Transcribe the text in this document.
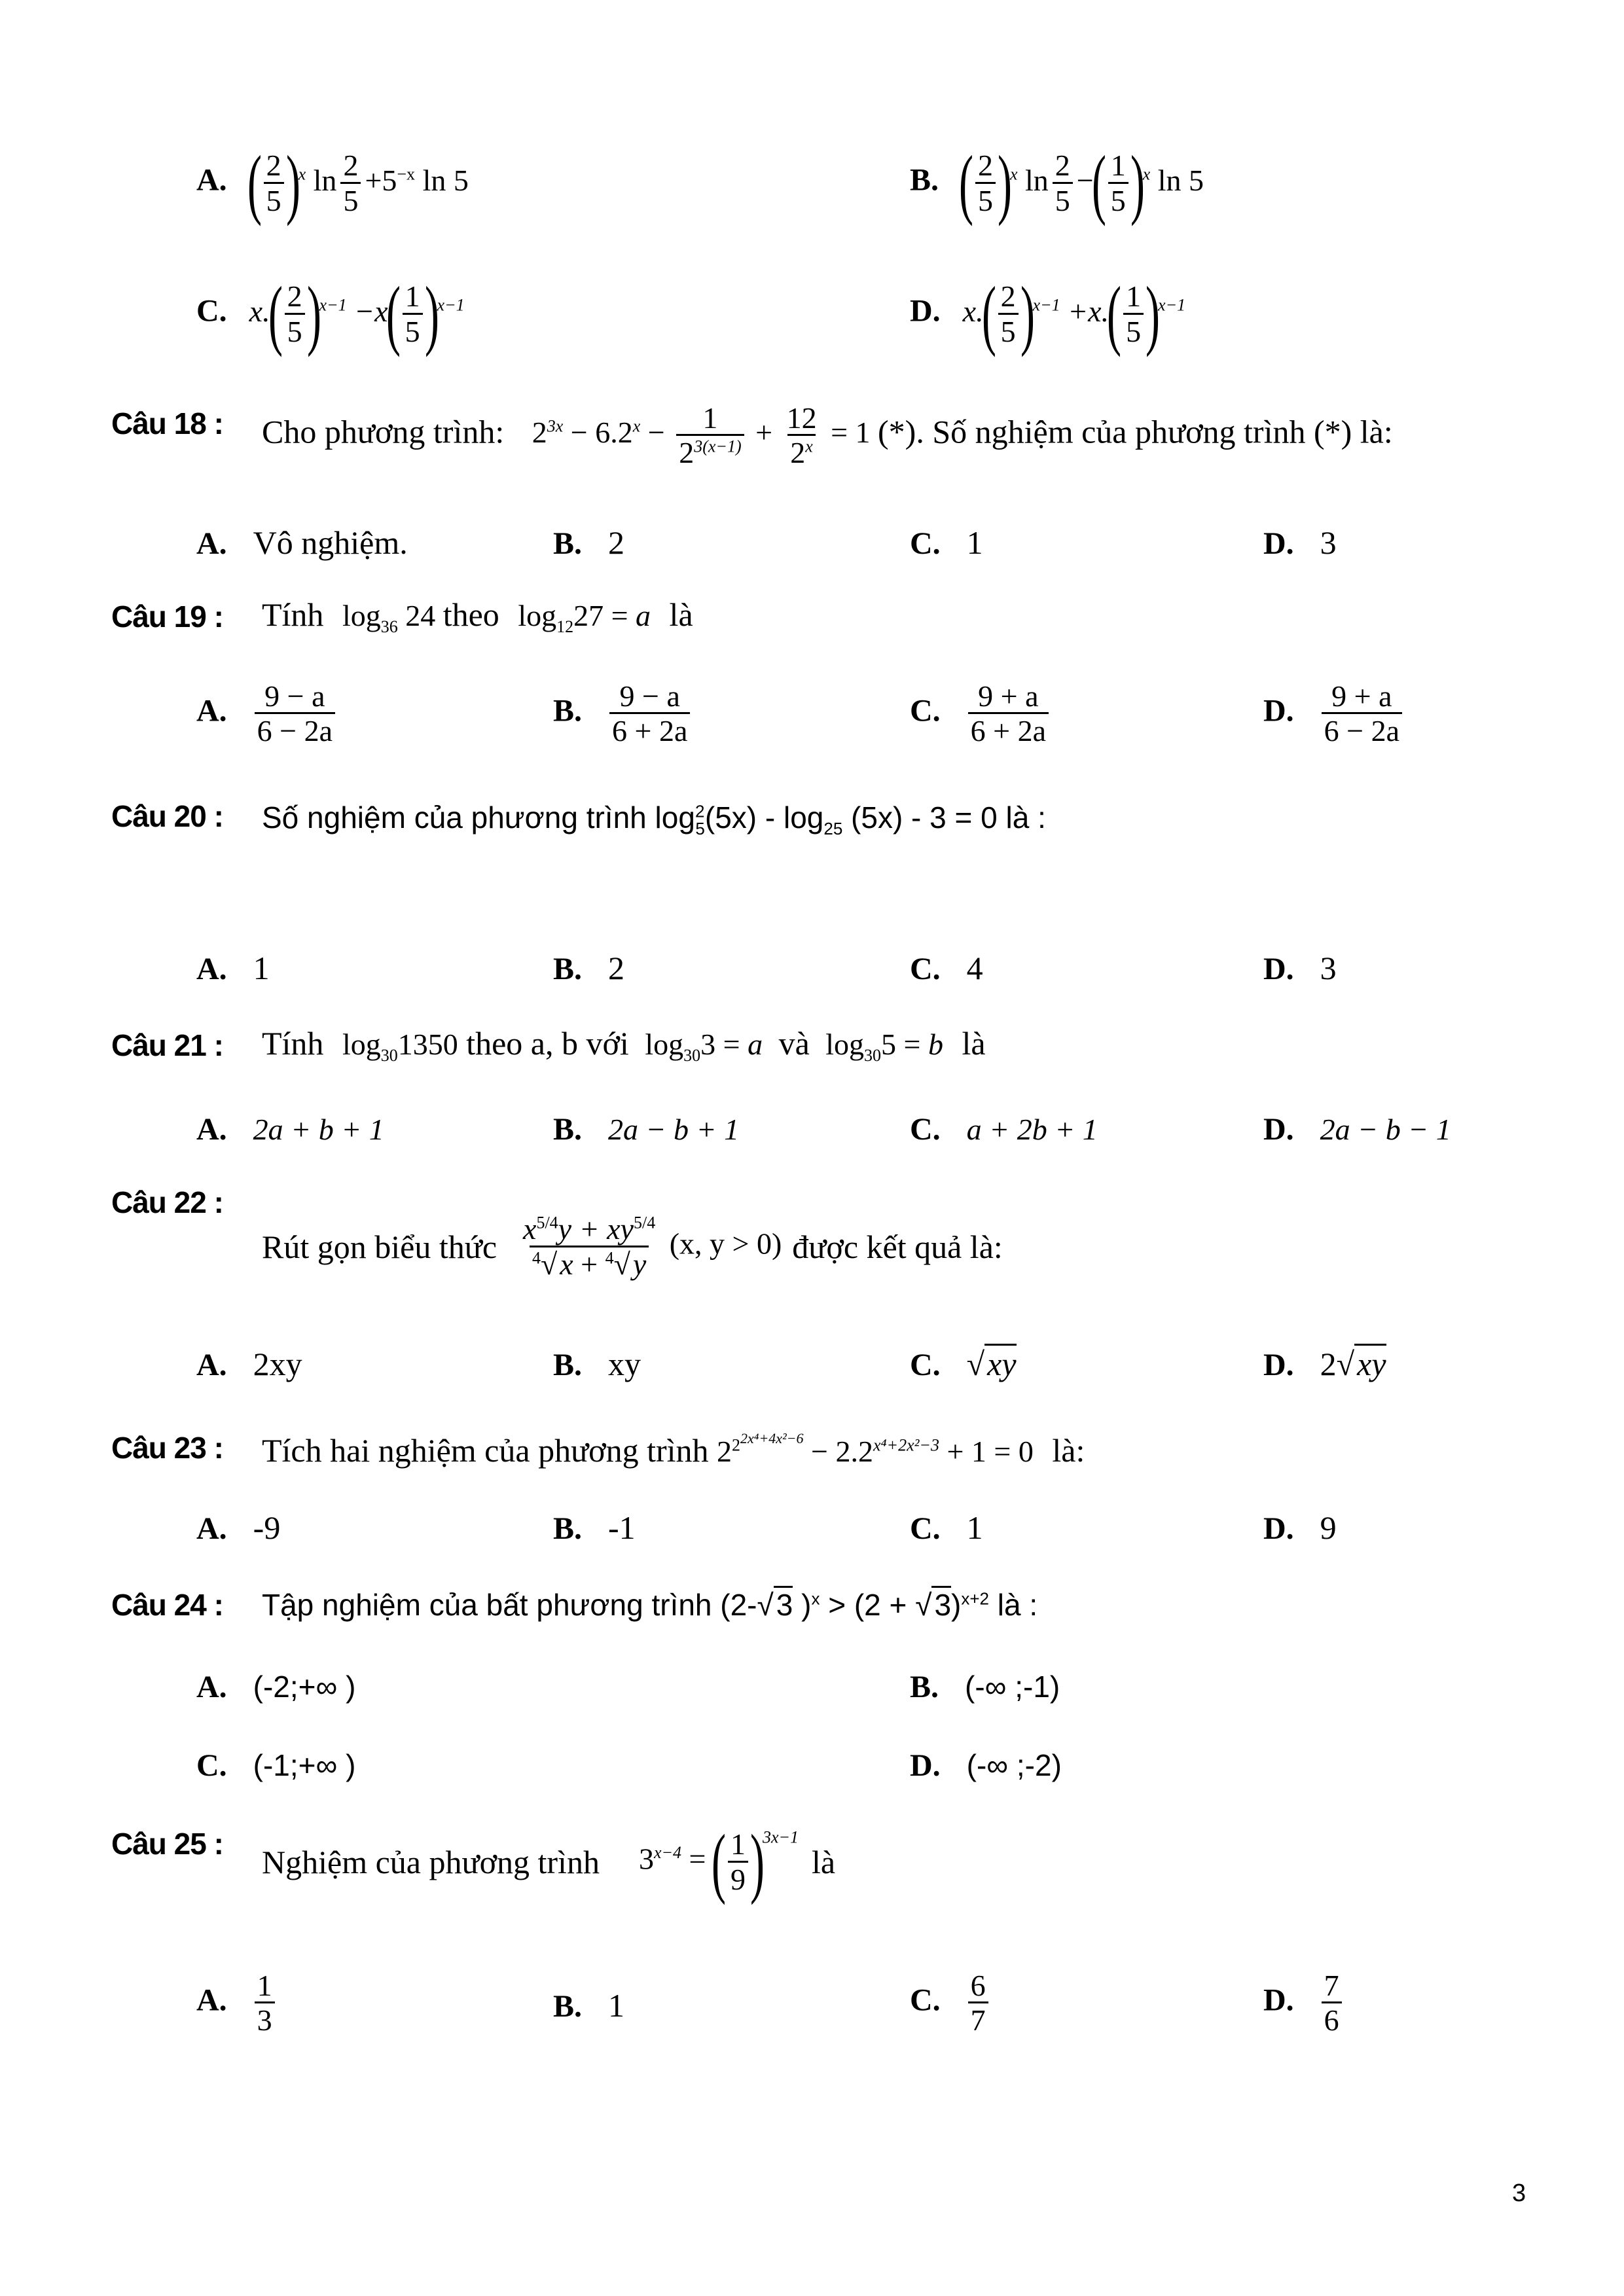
A. ( $\frac{2}{5} )^x$ $\ln \frac{2}{5} +5^{-x}$ ln 5	B. ( $\frac{2}{5} )^x$ $\ln \frac{2}{5}$ −( $\frac{1}{5} )^x$ ln 5
C. $x.( \frac{2}{5} )^{x-1} -x( \frac{1}{5} )^{x-1}$	D. $x.( \frac{2}{5} )^{x-1} +x.( \frac{1}{5} )^{x-1}$
Câu 18 : Cho phương trình: $2^{3x} - 6.2^x - \frac{1}{2^{3(x-1)}} + \frac{12}{2^x} = 1$ (*). Số nghiệm của phương trình (*) là:
A. Vô nghiệm.	B. 2	C. 1	D. 3
Câu 19 : Tính $\log_{36} 24$ theo $\log_{12}27 = a$ là
A. $\frac{9 - a}{6 - 2a}$	B. $\frac{9 - a}{6 + 2a}$	C. $\frac{9 + a}{6 + 2a}$	D. $\frac{9 + a}{6 - 2a}$
Câu 20 : Số nghiệm của phương trình $\log^2_5(5x) - \log_{25} (5x) - 3 = 0$ là :
A. 1	B. 2	C. 4	D. 3
Câu 21 : Tính $\log_{30}1350$ theo a, b với $\log_{30}3 = a$ và $\log_{30}5 = b$ là
A. 2a + b + 1	B. 2a − b + 1	C. a + 2b + 1	D. 2a − b − 1
Câu 22 :
Rút gọn biểu thức $\frac{x^{5/4}y + xy^{5/4}}{^4√x + ^4√y} (x$, y > 0) được kết quả là:
A. 2xy	B. xy	C. √xy	D. 2√xy
Câu 23 : Tích hai nghiệm của phương trình $2^{22x^4+4x^2-6} - 2.2^{x^4+2x^2-3} + 1 = 0$ là:
A. -9	B. -1	C. 1	D. 9
Câu 24 : Tập nghiệm của bất phương trình (2-√3 )$^x > (2 + √3)^{x+2}$ là :
A. (-2;+∞ )	B. (-∞ ;-1)
C. (-1;+∞ )	D. (-∞ ;-2)
Câu 25 : Nghiệm của phương trình $3^{x-4}$ = ( $\frac{1}{9} )^{3x-1}$
là
A. $\frac{1}{3}$	B. 1	C. $\frac{6}{7}$	D. $\frac{7}{6}$
3
